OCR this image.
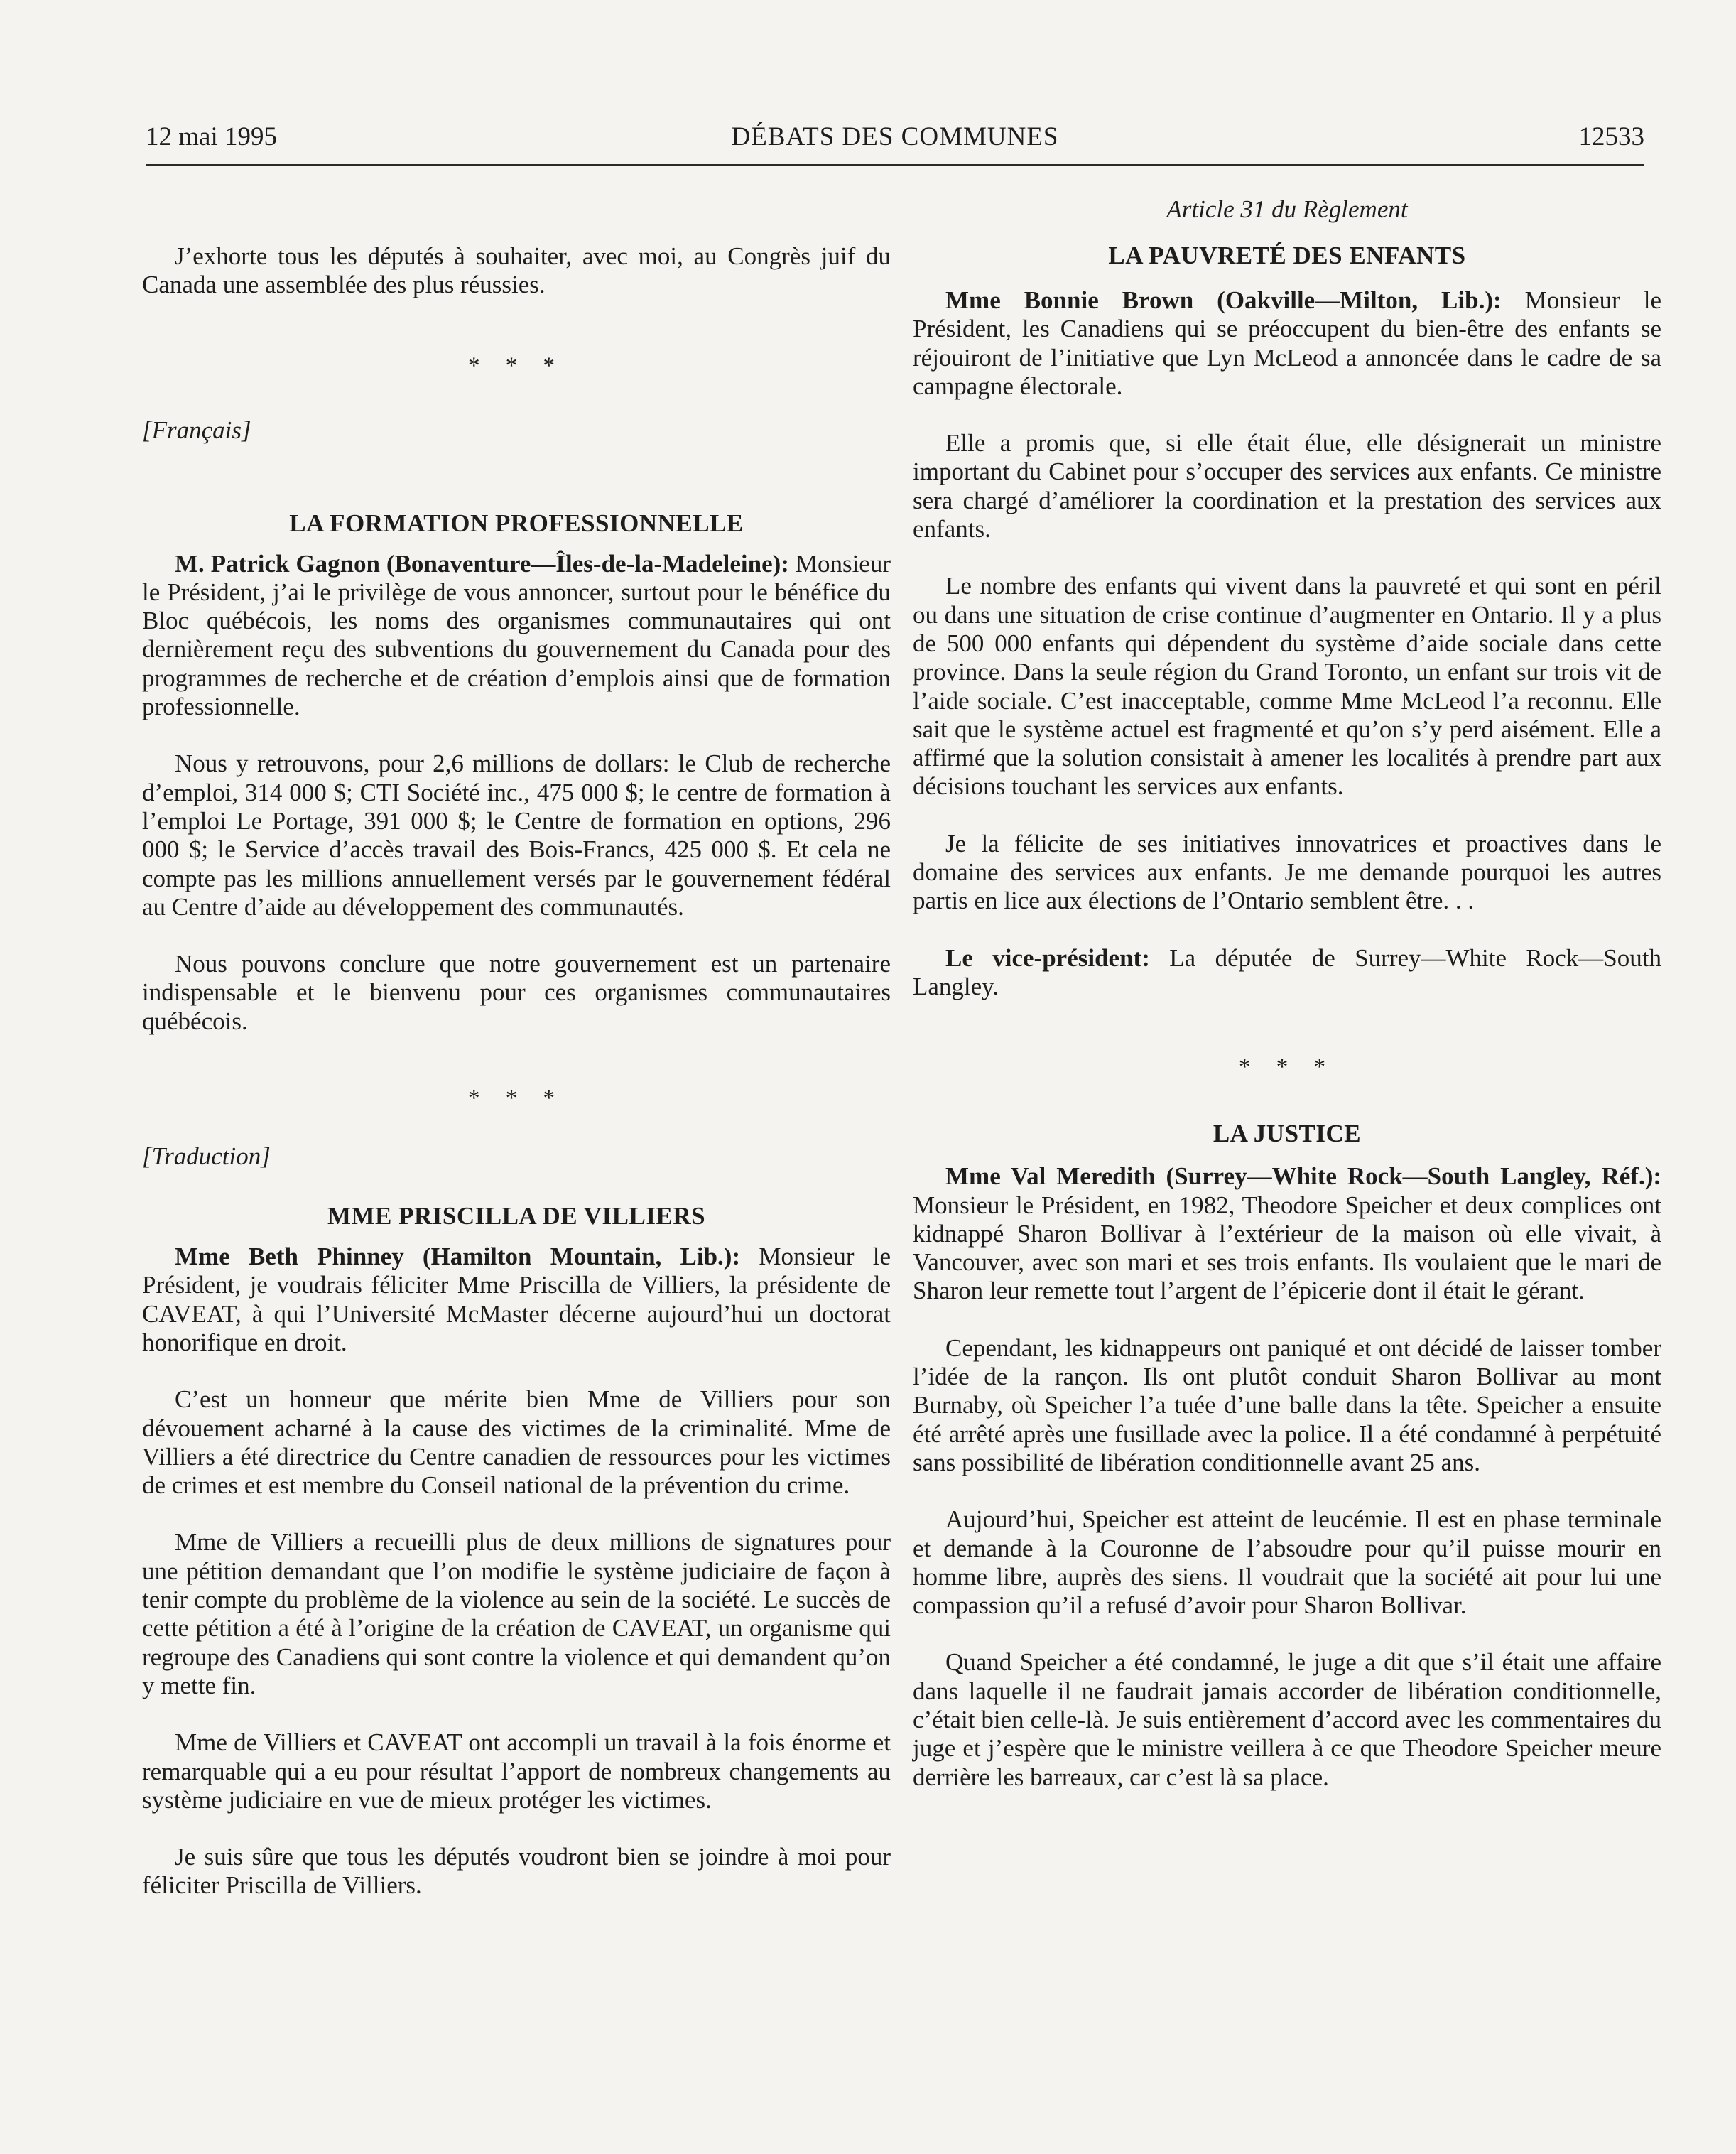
12 mai 1995	DÉBATS DES COMMUNES	12533

J’exhorte tous les députés à souhaiter, avec moi, au Congrès juif du Canada une assemblée des plus réussies.

* * *
[Français]
LA FORMATION PROFESSIONNELLE

M. Patrick Gagnon (Bonaventure—Îles-de-la-Madeleine): Monsieur le Président, j’ai le privilège de vous annoncer, surtout pour le bénéfice du Bloc québécois, les noms des organismes communautaires qui ont dernièrement reçu des subventions du gouvernement du Canada pour des programmes de recherche et de création d’emplois ainsi que de formation professionnelle.

Nous y retrouvons, pour 2,6 millions de dollars: le Club de recherche d’emploi, 314 000 $; CTI Société inc., 475 000 $; le centre de formation à l’emploi Le Portage, 391 000 $; le Centre de formation en options, 296 000 $; le Service d’accès travail des Bois-Francs, 425 000 $. Et cela ne compte pas les millions annuellement versés par le gouvernement fédéral au Centre d’aide au développement des communautés.

Nous pouvons conclure que notre gouvernement est un partenaire indispensable et le bienvenu pour ces organismes communautaires québécois.

* * *
[Traduction]
MME PRISCILLA DE VILLIERS

Mme Beth Phinney (Hamilton Mountain, Lib.): Monsieur le Président, je voudrais féliciter Mme Priscilla de Villiers, la présidente de CAVEAT, à qui l’Université McMaster décerne aujourd’hui un doctorat honorifique en droit.

C’est un honneur que mérite bien Mme de Villiers pour son dévouement acharné à la cause des victimes de la criminalité. Mme de Villiers a été directrice du Centre canadien de ressources pour les victimes de crimes et est membre du Conseil national de la prévention du crime.

Mme de Villiers a recueilli plus de deux millions de signatures pour une pétition demandant que l’on modifie le système judiciaire de façon à tenir compte du problème de la violence au sein de la société. Le succès de cette pétition a été à l’origine de la création de CAVEAT, un organisme qui regroupe des Canadiens qui sont contre la violence et qui demandent qu’on y mette fin.

Mme de Villiers et CAVEAT ont accompli un travail à la fois énorme et remarquable qui a eu pour résultat l’apport de nombreux changements au système judiciaire en vue de mieux protéger les victimes.

Je suis sûre que tous les députés voudront bien se joindre à moi pour féliciter Priscilla de Villiers.

Article 31 du Règlement
LA PAUVRETÉ DES ENFANTS

Mme Bonnie Brown (Oakville—Milton, Lib.): Monsieur le Président, les Canadiens qui se préoccupent du bien-être des enfants se réjouiront de l’initiative que Lyn McLeod a annoncée dans le cadre de sa campagne électorale.

Elle a promis que, si elle était élue, elle désignerait un ministre important du Cabinet pour s’occuper des services aux enfants. Ce ministre sera chargé d’améliorer la coordination et la prestation des services aux enfants.

Le nombre des enfants qui vivent dans la pauvreté et qui sont en péril ou dans une situation de crise continue d’augmenter en Ontario. Il y a plus de 500 000 enfants qui dépendent du système d’aide sociale dans cette province. Dans la seule région du Grand Toronto, un enfant sur trois vit de l’aide sociale. C’est inacceptable, comme Mme McLeod l’a reconnu. Elle sait que le système actuel est fragmenté et qu’on s’y perd aisément. Elle a affirmé que la solution consistait à amener les localités à prendre part aux décisions touchant les services aux enfants.

Je la félicite de ses initiatives innovatrices et proactives dans le domaine des services aux enfants. Je me demande pourquoi les autres partis en lice aux élections de l’Ontario semblent être. . .

Le vice-président: La députée de Surrey—White Rock—South Langley.

* * *
LA JUSTICE

Mme Val Meredith (Surrey—White Rock—South Langley, Réf.): Monsieur le Président, en 1982, Theodore Speicher et deux complices ont kidnappé Sharon Bollivar à l’extérieur de la maison où elle vivait, à Vancouver, avec son mari et ses trois enfants. Ils voulaient que le mari de Sharon leur remette tout l’argent de l’épicerie dont il était le gérant.

Cependant, les kidnappeurs ont paniqué et ont décidé de laisser tomber l’idée de la rançon. Ils ont plutôt conduit Sharon Bollivar au mont Burnaby, où Speicher l’a tuée d’une balle dans la tête. Speicher a ensuite été arrêté après une fusillade avec la police. Il a été condamné à perpétuité sans possibilité de libération conditionnelle avant 25 ans.

Aujourd’hui, Speicher est atteint de leucémie. Il est en phase terminale et demande à la Couronne de l’absoudre pour qu’il puisse mourir en homme libre, auprès des siens. Il voudrait que la société ait pour lui une compassion qu’il a refusé d’avoir pour Sharon Bollivar.

Quand Speicher a été condamné, le juge a dit que s’il était une affaire dans laquelle il ne faudrait jamais accorder de libération conditionnelle, c’était bien celle-là. Je suis entièrement d’accord avec les commentaires du juge et j’espère que le ministre veillera à ce que Theodore Speicher meure derrière les barreaux, car c’est là sa place.
